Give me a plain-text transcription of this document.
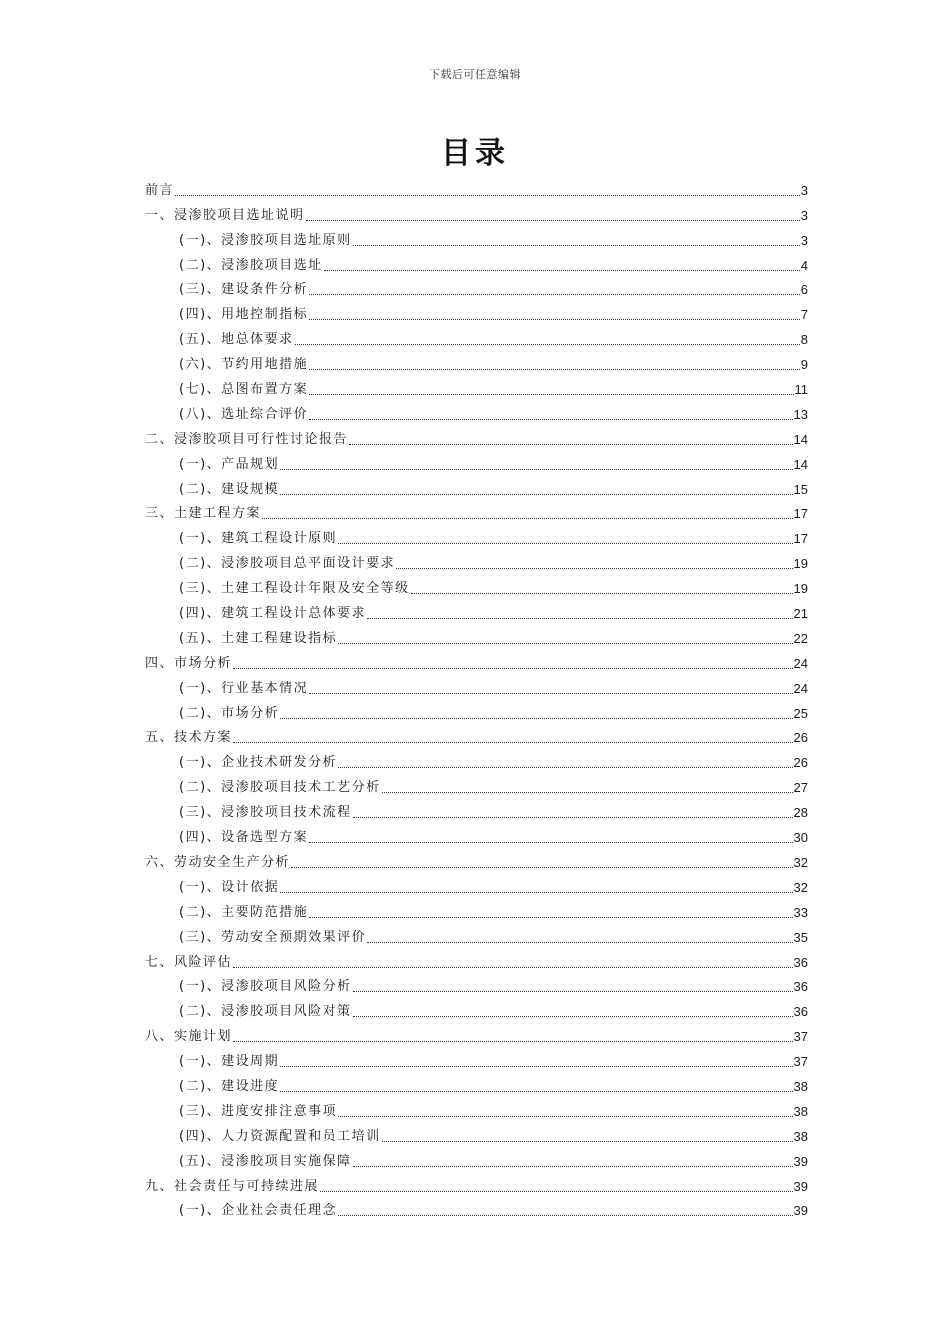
下载后可任意编辑
目录
前言	3
一、浸渗胶项目选址说明	3
(一)、浸渗胶项目选址原则	3
(二)、浸渗胶项目选址	4
(三)、建设条件分析	6
(四)、用地控制指标	7
(五)、地总体要求	8
(六)、节约用地措施	9
(七)、总图布置方案	11
(八)、选址综合评价	13
二、浸渗胶项目可行性讨论报告	14
(一)、产品规划	14
(二)、建设规模	15
三、土建工程方案	17
(一)、建筑工程设计原则	17
(二)、浸渗胶项目总平面设计要求	19
(三)、土建工程设计年限及安全等级	19
(四)、建筑工程设计总体要求	21
(五)、土建工程建设指标	22
四、市场分析	24
(一)、行业基本情况	24
(二)、市场分析	25
五、技术方案	26
(一)、企业技术研发分析	26
(二)、浸渗胶项目技术工艺分析	27
(三)、浸渗胶项目技术流程	28
(四)、设备选型方案	30
六、劳动安全生产分析	32
(一)、设计依据	32
(二)、主要防范措施	33
(三)、劳动安全预期效果评价	35
七、风险评估	36
(一)、浸渗胶项目风险分析	36
(二)、浸渗胶项目风险对策	36
八、实施计划	37
(一)、建设周期	37
(二)、建设进度	38
(三)、进度安排注意事项	38
(四)、人力资源配置和员工培训	38
(五)、浸渗胶项目实施保障	39
九、社会责任与可持续进展	39
(一)、企业社会责任理念	39
